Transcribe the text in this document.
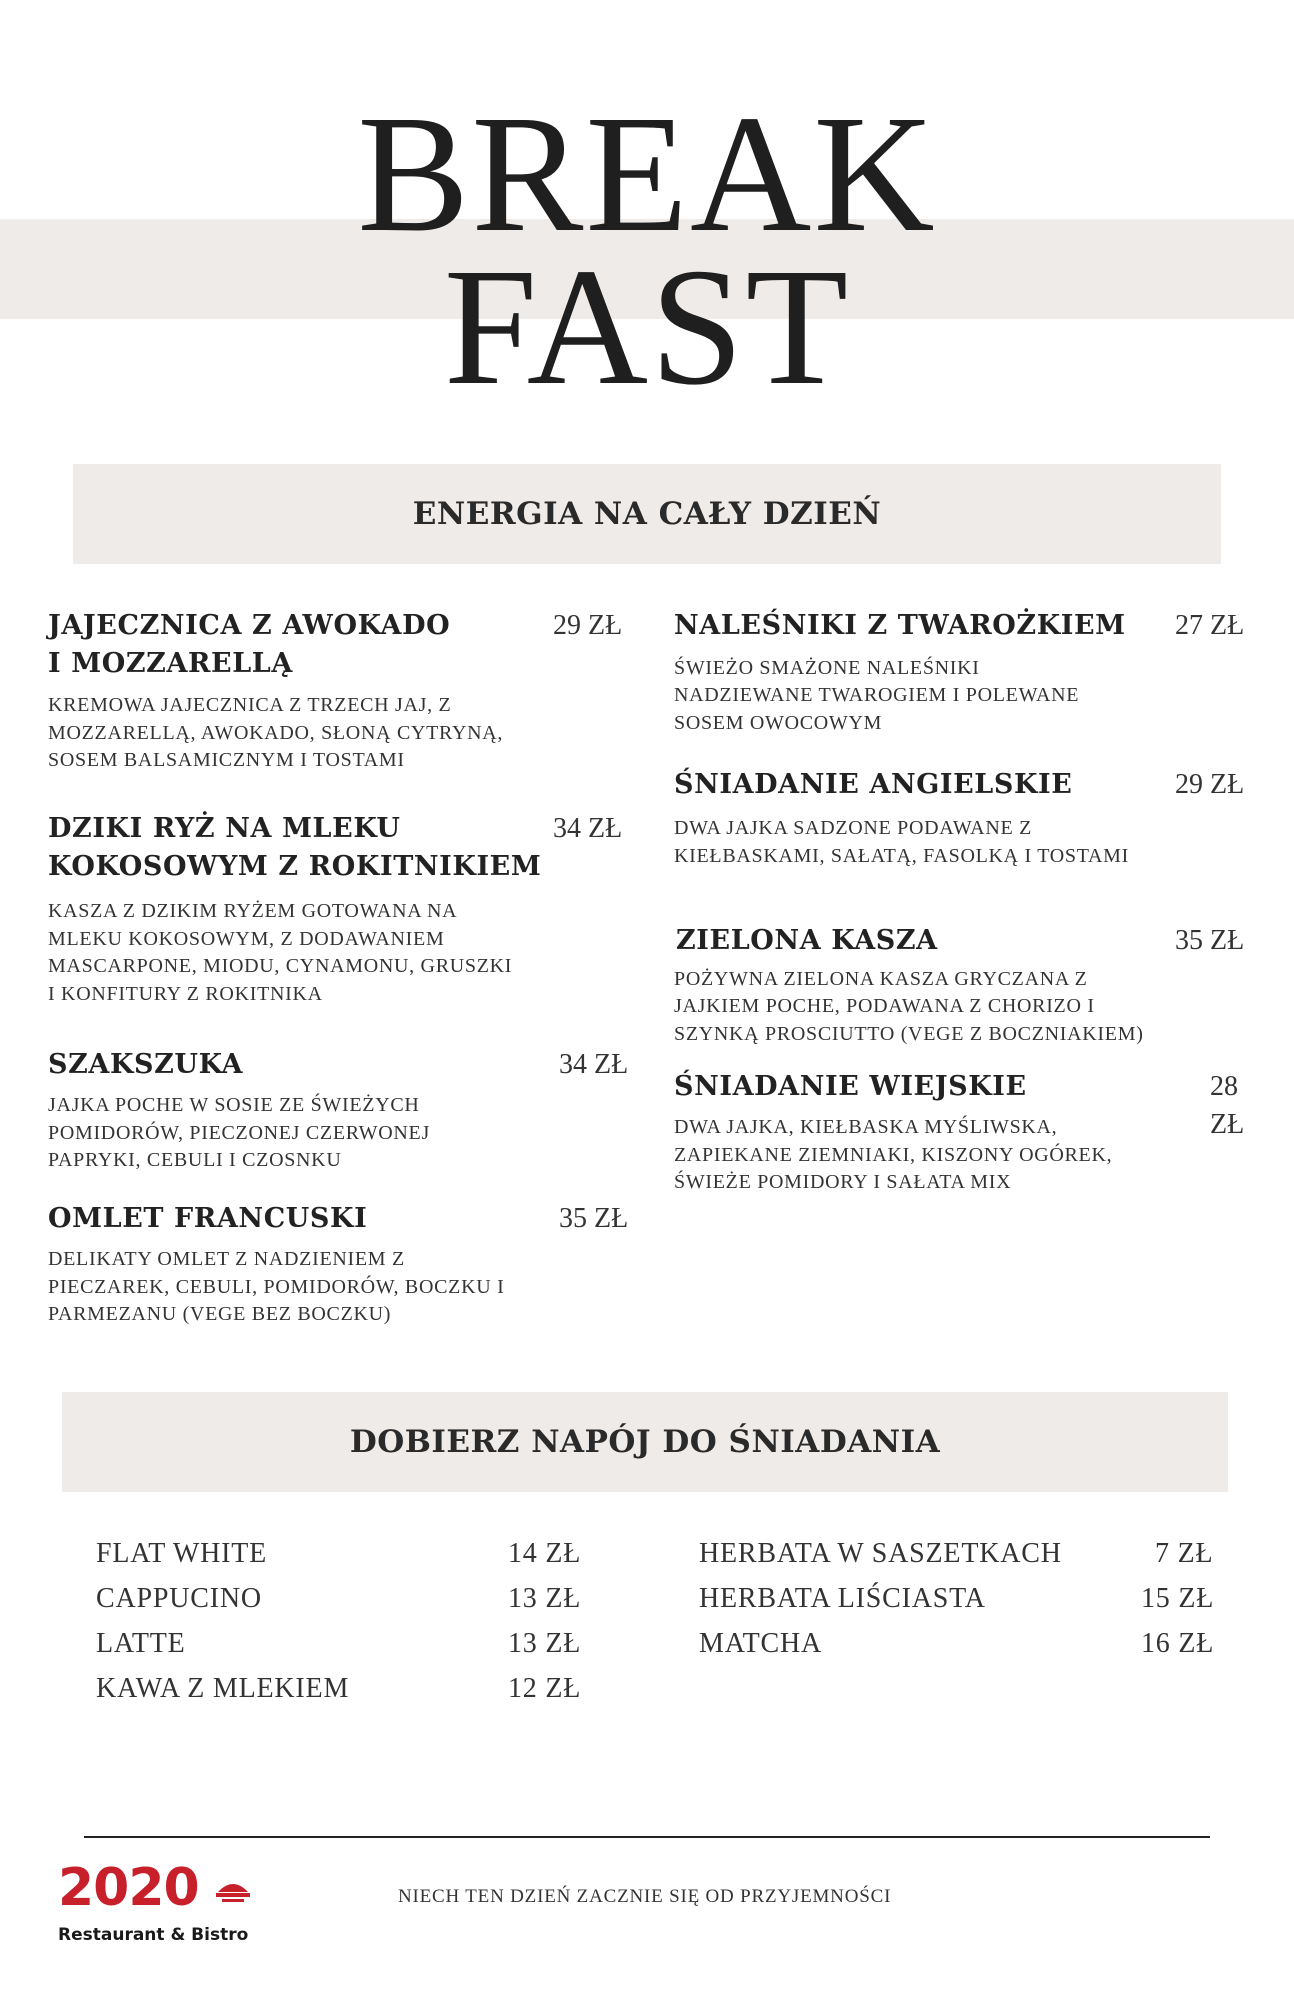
BREAK
FAST
ENERGIA NA CAŁY DZIEŃ
JAJECZNICA Z AWOKADO
I MOZZARELLĄ
29 ZŁ
KREMOWA JAJECZNICA Z TRZECH JAJ, Z
MOZZARELLĄ, AWOKADO, SŁONĄ CYTRYNĄ,
SOSEM BALSAMICZNYM I TOSTAMI
DZIKI RYŻ NA MLEKU
KOKOSOWYM Z ROKITNIKIEM
34 ZŁ
KASZA Z DZIKIM RYŻEM GOTOWANA NA
MLEKU KOKOSOWYM, Z DODAWANIEM
MASCARPONE, MIODU, CYNAMONU, GRUSZKI
I KONFITURY Z ROKITNIKA
SZAKSZUKA	34 ZŁ
JAJKA POCHE W SOSIE ZE ŚWIEŻYCH
POMIDORÓW, PIECZONEJ CZERWONEJ
PAPRYKI, CEBULI I CZOSNKU
OMLET FRANCUSKI	35 ZŁ
DELIKATY OMLET Z NADZIENIEM Z
PIECZAREK, CEBULI, POMIDORÓW, BOCZKU I
PARMEZANU (VEGE BEZ BOCZKU)
NALEŚNIKI Z TWAROŻKIEM 27 ZŁ
ŚWIEŻO SMAŻONE NALEŚNIKI
NADZIEWANE TWAROGIEM I POLEWANE
SOSEM OWOCOWYM
ŚNIADANIE ANGIELSKIE	29 ZŁ
DWA JAJKA SADZONE PODAWANE Z
KIEŁBASKAMI, SAŁATĄ, FASOLKĄ I TOSTAMI
ZIELONA KASZA	35 ZŁ
POŻYWNA ZIELONA KASZA GRYCZANA Z
JAJKIEM POCHE, PODAWANA Z CHORIZO I
SZYNKĄ PROSCIUTTO (VEGE Z BOCZNIAKIEM)
ŚNIADANIE WIEJSKIE	28 ZŁ
DWA JAJKA, KIEŁBASKA MYŚLIWSKA,
ZAPIEKANE ZIEMNIAKI, KISZONY OGÓREK,
ŚWIEŻE POMIDORY I SAŁATA MIX
DOBIERZ NAPÓJ DO ŚNIADANIA
FLAT WHITE	14 ZŁ
CAPPUCINO	13 ZŁ
LATTE	13 ZŁ
KAWA Z MLEKIEM	12 ZŁ
HERBATA W SASZETKACH	7 ZŁ
HERBATA LIŚCIASTA	15 ZŁ
MATCHA	16 ZŁ
2020
Restaurant & Bistro
NIECH TEN DZIEŃ ZACZNIE SIĘ OD PRZYJEMNOŚCI
